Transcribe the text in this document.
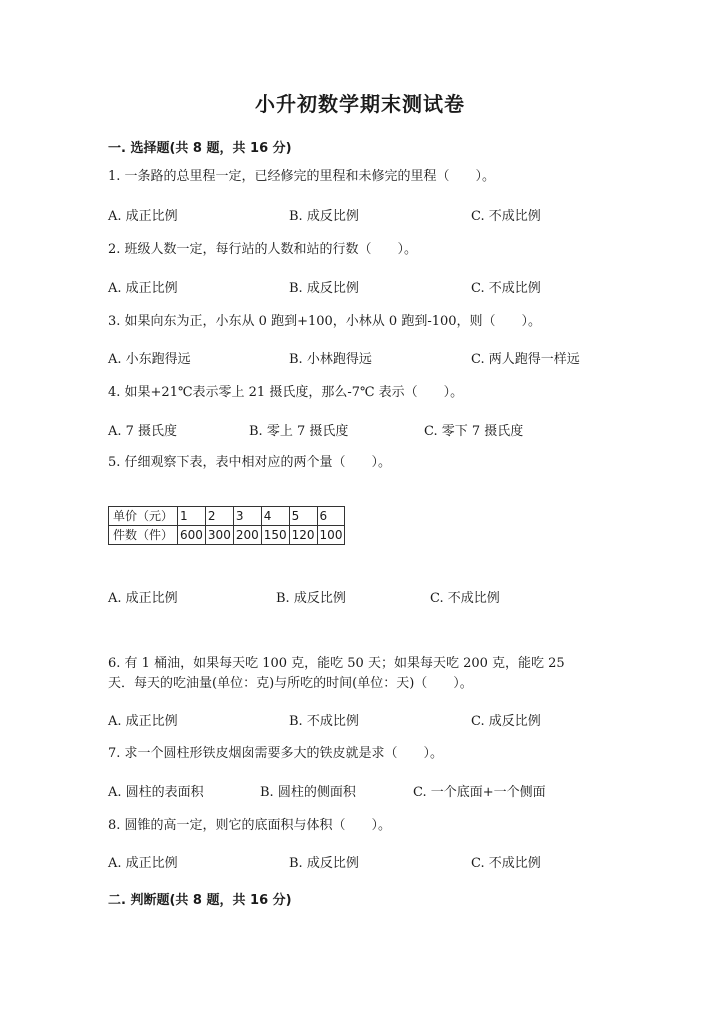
小升初数学期末测试卷
一. 选择题(共 8 题，共 16 分)
1. 一条路的总里程一定，已经修完的里程和未修完的里程（　　）。
A. 成正比例	B. 成反比例	C. 不成比例
2. 班级人数一定，每行站的人数和站的行数（　　）。
A. 成正比例	B. 成反比例	C. 不成比例
3. 如果向东为正，小东从 0 跑到+100，小林从 0 跑到-100，则（　　）。
A. 小东跑得远	B. 小林跑得远	C. 两人跑得一样远
4. 如果+21℃表示零上 21 摄氏度，那么-7℃ 表示（　　）。
A. 7 摄氏度	B. 零上 7 摄氏度	C. 零下 7 摄氏度
5. 仔细观察下表，表中相对应的两个量（　　）。
单价（元）	1	2	3	4	5	6
件数（件）	600	300	200	150	120	100
A. 成正比例	B. 成反比例	C. 不成比例
6. 有 1 桶油，如果每天吃 100 克，能吃 50 天；如果每天吃 200 克，能吃 25
天．每天的吃油量(单位：克)与所吃的时间(单位：天)（　　）。
A. 成正比例	B. 不成比例	C. 成反比例
7. 求一个圆柱形铁皮烟囱需要多大的铁皮就是求（　　）。
A. 圆柱的表面积	B. 圆柱的侧面积	C. 一个底面+一个侧面
8. 圆锥的高一定，则它的底面积与体积（　　）。
A. 成正比例	B. 成反比例	C. 不成比例
二. 判断题(共 8 题，共 16 分)
